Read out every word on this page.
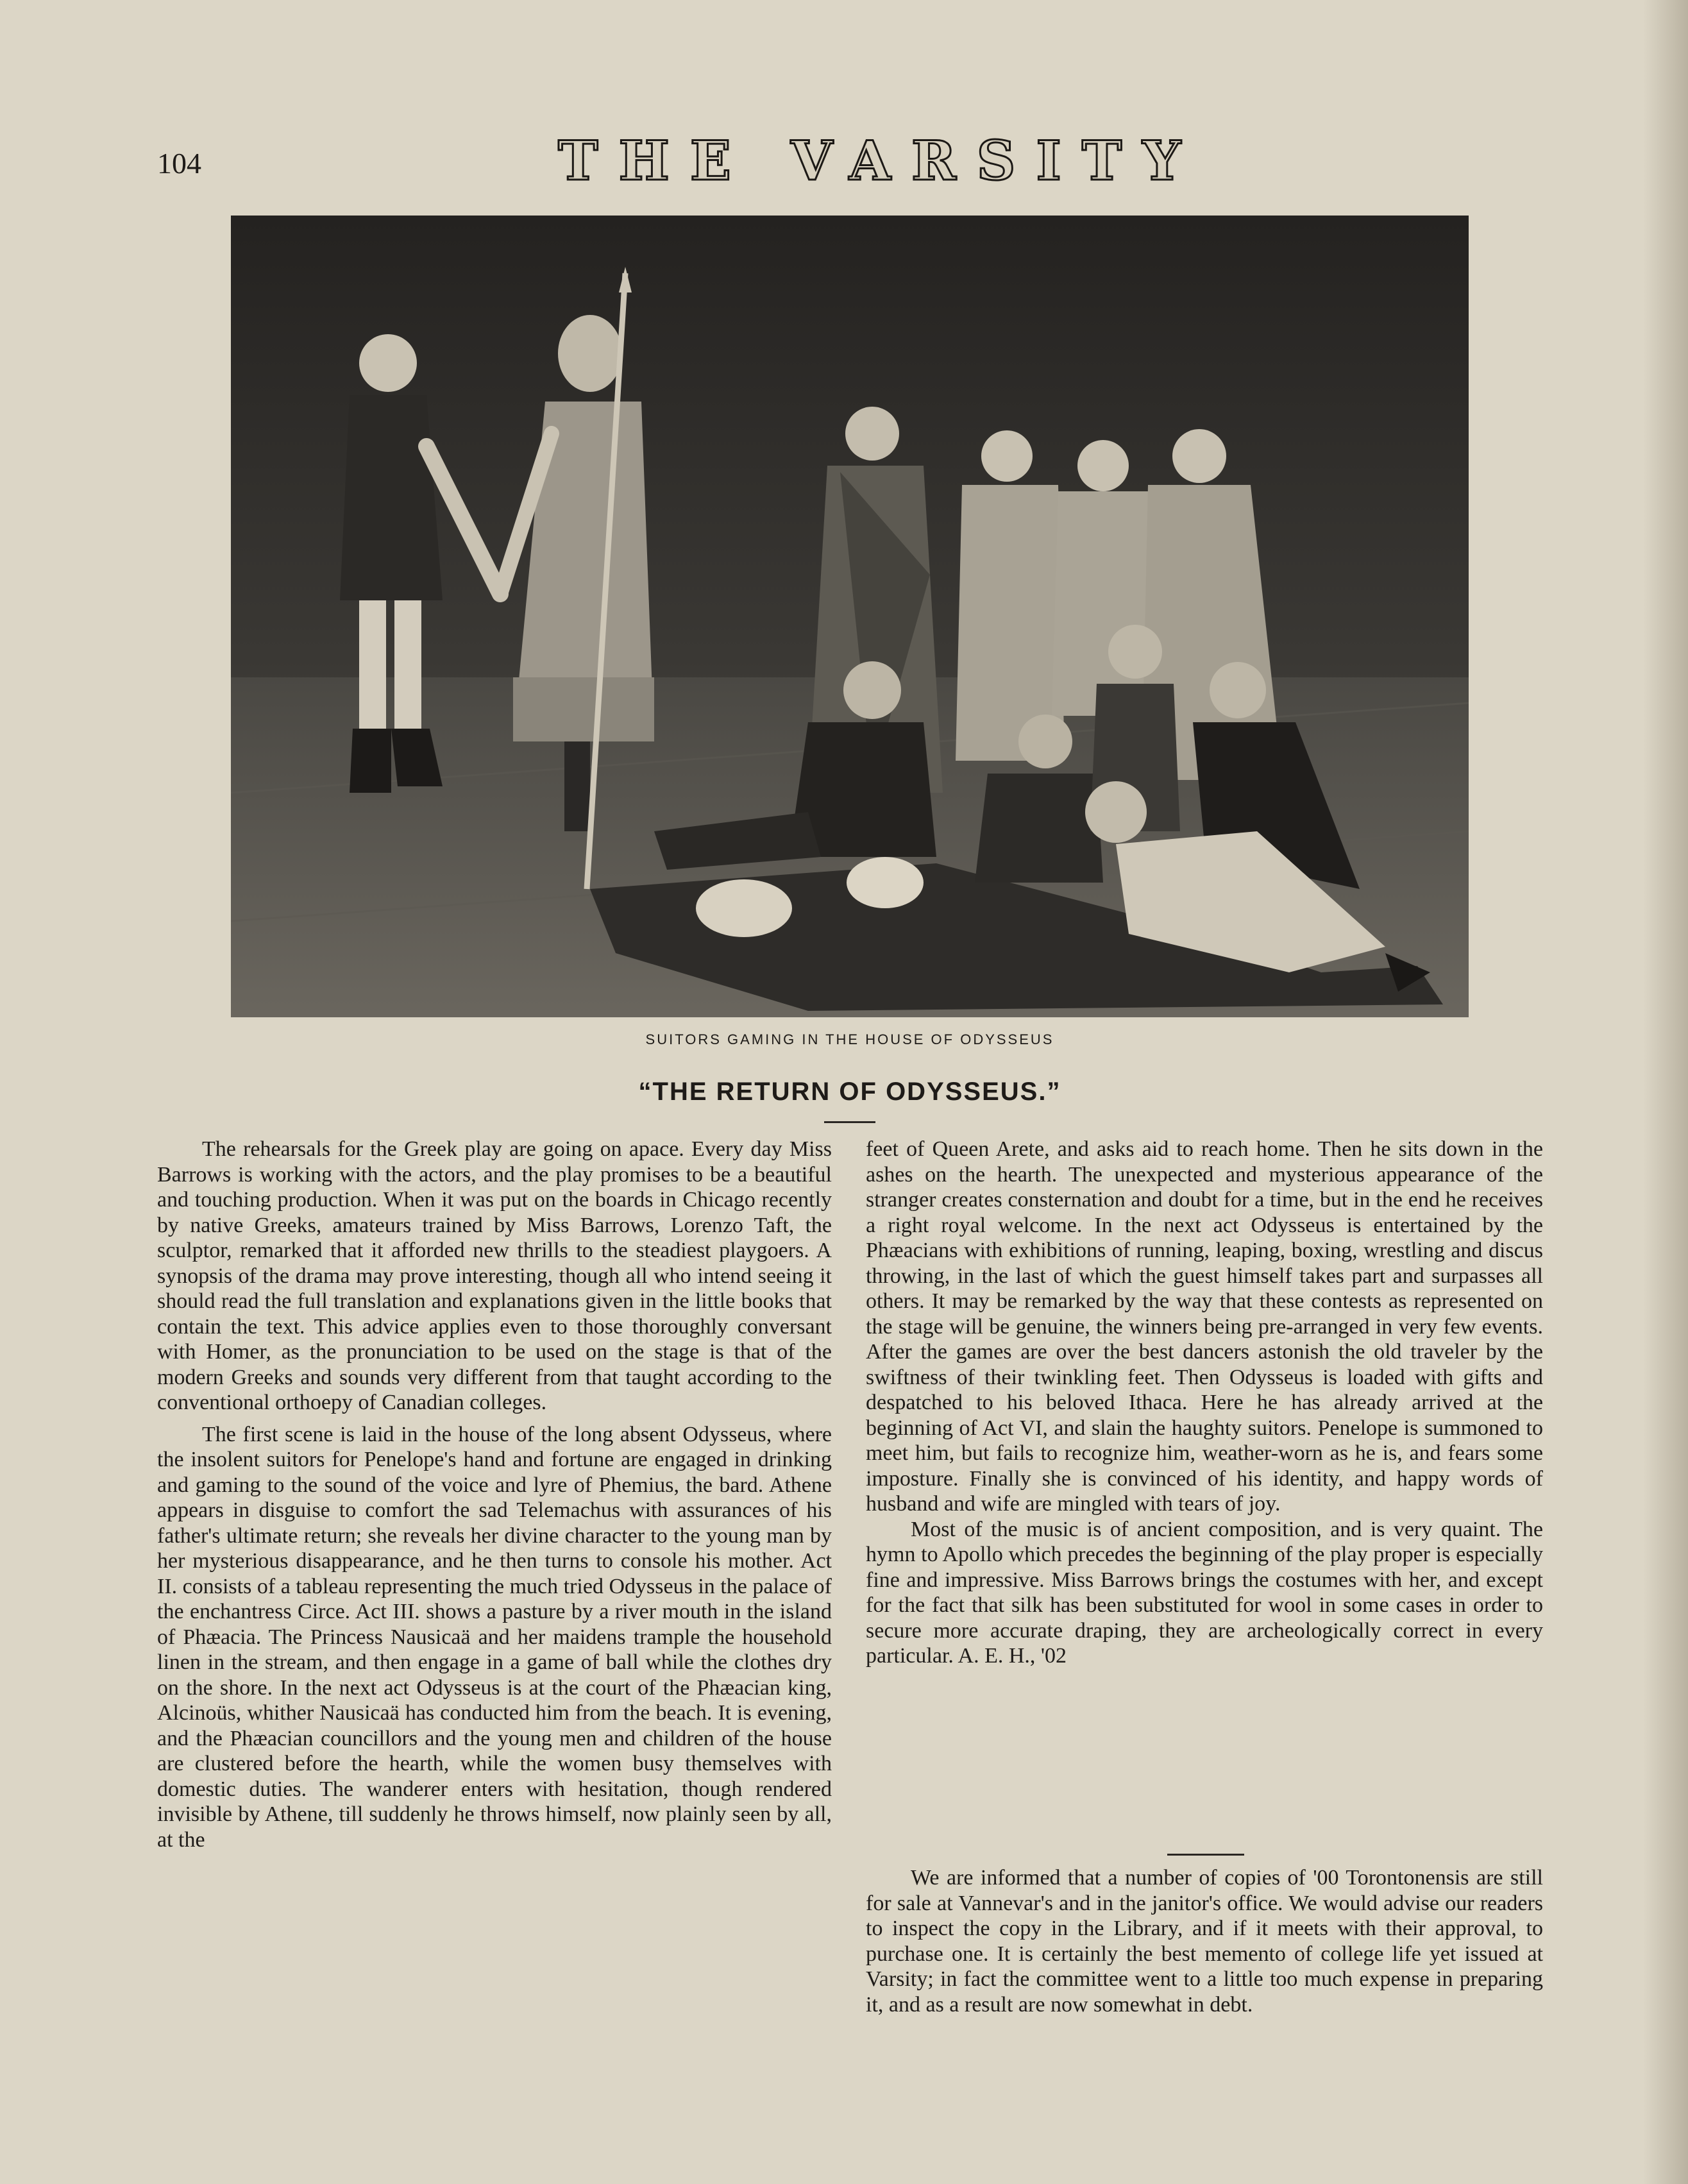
104	THE VARSITY
SUITORS GAMING IN THE HOUSE OF ODYSSEUS
“THE RETURN OF ODYSSEUS.”

The rehearsals for the Greek play are going on apace. Every day Miss Barrows is working with the actors, and the play promises to be a beautiful and touching production. When it was put on the boards in Chicago recently by native Greeks, amateurs trained by Miss Barrows, Lorenzo Taft, the sculptor, remarked that it afforded new thrills to the steadiest playgoers. A synopsis of the drama may prove interesting, though all who intend seeing it should read the full translation and explanations given in the little books that contain the text. This advice applies even to those thoroughly conversant with Homer, as the pronunciation to be used on the stage is that of the modern Greeks and sounds very different from that taught according to the conventional orthoepy of Canadian colleges.

The first scene is laid in the house of the long absent Odysseus, where the insolent suitors for Penelope's hand and fortune are engaged in drinking and gaming to the sound of the voice and lyre of Phemius, the bard. Athene appears in disguise to comfort the sad Telemachus with assurances of his father's ultimate return; she reveals her divine character to the young man by her mysterious disappearance, and he then turns to console his mother. Act II. consists of a tableau representing the much tried Odysseus in the palace of the enchantress Circe. Act III. shows a pasture by a river mouth in the island of Phæacia. The Princess Nausicaä and her maidens trample the household linen in the stream, and then engage in a game of ball while the clothes dry on the shore. In the next act Odysseus is at the court of the Phæacian king, Alcinoüs, whither Nausicaä has conducted him from the beach. It is evening, and the Phæacian councillors and the young men and children of the house are clustered before the hearth, while the women busy themselves with domestic duties. The wanderer enters with hesitation, though rendered invisible by Athene, till suddenly he throws himself, now plainly seen by all, at the

feet of Queen Arete, and asks aid to reach home. Then he sits down in the ashes on the hearth. The unexpected and mysterious appearance of the stranger creates consternation and doubt for a time, but in the end he receives a right royal welcome. In the next act Odysseus is entertained by the Phæacians with exhibitions of running, leaping, boxing, wrestling and discus throwing, in the last of which the guest himself takes part and surpasses all others. It may be remarked by the way that these contests as represented on the stage will be genuine, the winners being pre-arranged in very few events. After the games are over the best dancers astonish the old traveler by the swiftness of their twinkling feet. Then Odysseus is loaded with gifts and despatched to his beloved Ithaca. Here he has already arrived at the beginning of Act VI, and slain the haughty suitors. Penelope is summoned to meet him, but fails to recognize him, weather-worn as he is, and fears some imposture. Finally she is convinced of his identity, and happy words of husband and wife are mingled with tears of joy.

Most of the music is of ancient composition, and is very quaint. The hymn to Apollo which precedes the beginning of the play proper is especially fine and impressive. Miss Barrows brings the costumes with her, and except for the fact that silk has been substituted for wool in some cases in order to secure more accurate draping, they are archeologically correct in every particular. A. E. H., '02

We are informed that a number of copies of '00 Torontonensis are still for sale at Vannevar's and in the janitor's office. We would advise our readers to inspect the copy in the Library, and if it meets with their approval, to purchase one. It is certainly the best memento of college life yet issued at Varsity; in fact the committee went to a little too much expense in preparing it, and as a result are now somewhat in debt.
